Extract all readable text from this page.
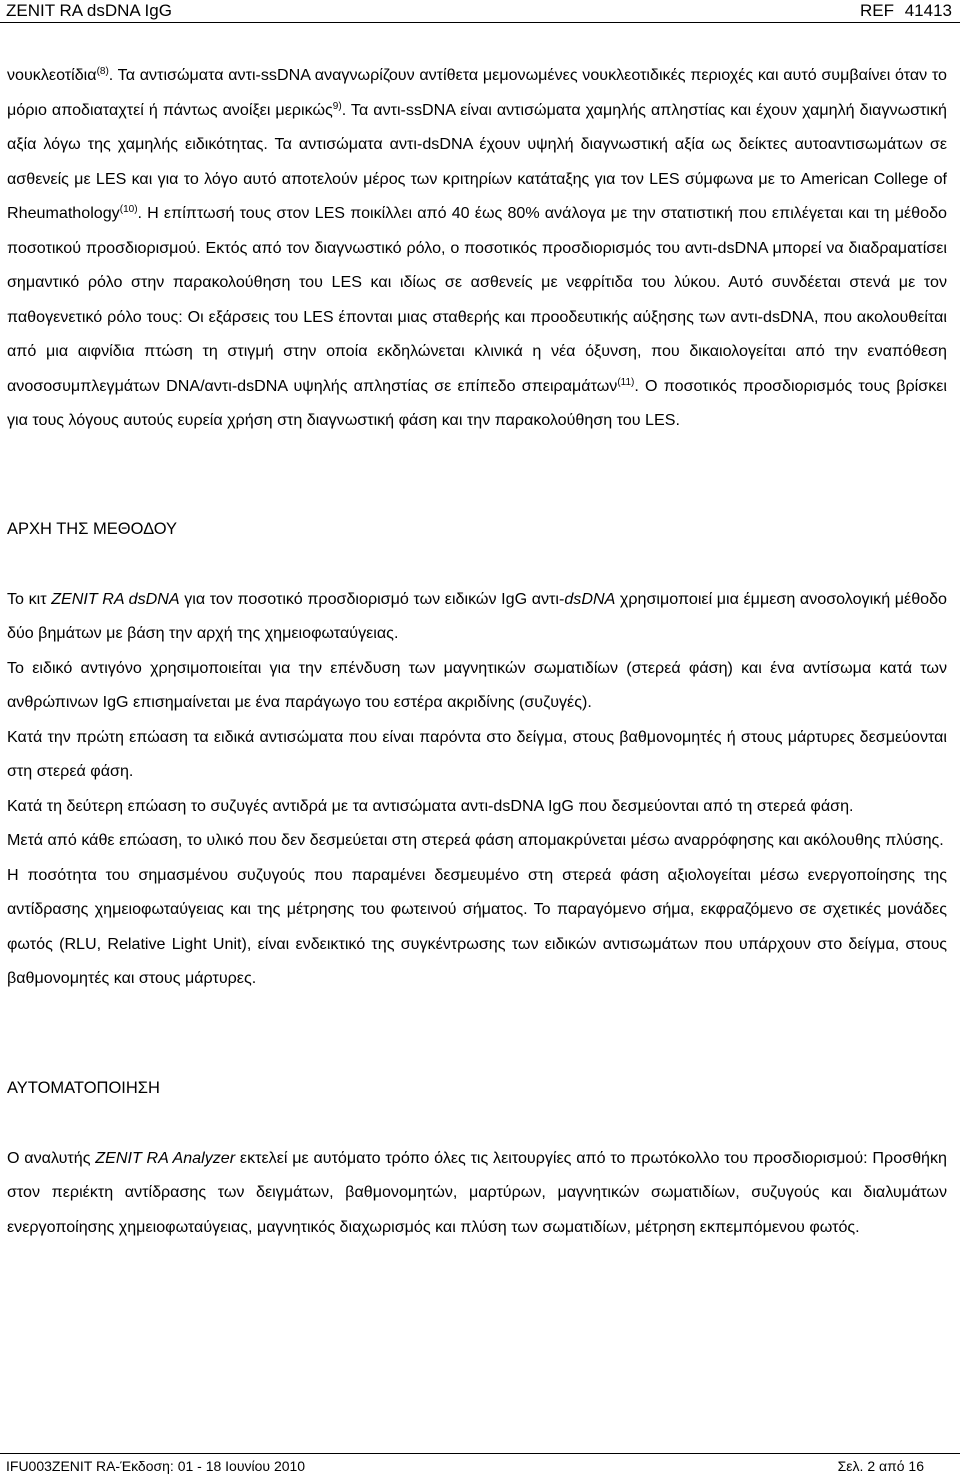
ZENIT RA dsDNA IgG	REF 41413

νουκλεοτίδια$^{(8)}$. Τα αντισώματα αντι-ssDNA αναγνωρίζουν αντίθετα μεμονωμένες νουκλεοτιδικές περιοχές και αυτό συμβαίνει όταν το μόριο αποδιαταχτεί ή πάντως ανοίξει μερικώς$^{9)}$. Τα αντι-ssDNA είναι αντισώματα χαμηλής απληστίας και έχουν χαμηλή διαγνωστική αξία λόγω της χαμηλής ειδικότητας. Τα αντισώματα αντι-dsDNA έχουν υψηλή διαγνωστική αξία ως δείκτες αυτοαντισωμάτων σε ασθενείς με LES και για το λόγο αυτό αποτελούν μέρος των κριτηρίων κατάταξης για τον LES σύμφωνα με το American College of Rheumathology$^{(10)}$. Η επίπτωσή τους στον LES ποικίλλει από 40 έως 80% ανάλογα με την στατιστική που επιλέγεται και τη μέθοδο ποσοτικού προσδιορισμού. Εκτός από τον διαγνωστικό ρόλο, ο ποσοτικός προσδιορισμός του αντι-dsDNA μπορεί να διαδραματίσει σημαντικό ρόλο στην παρακολούθηση του LES και ιδίως σε ασθενείς με νεφρίτιδα του λύκου. Αυτό συνδέεται στενά με τον παθογενετικό ρόλο τους: Οι εξάρσεις του LES έπονται μιας σταθερής και προοδευτικής αύξησης των αντι-dsDNA, που ακολουθείται από μια αιφνίδια πτώση τη στιγμή στην οποία εκδηλώνεται κλινικά η νέα όξυνση, που δικαιολογείται από την εναπόθεση ανοσοσυμπλεγμάτων DNA/αντι-dsDNA υψηλής απληστίας σε επίπεδο σπειραμάτων$^{(11)}$. Ο ποσοτικός προσδιορισμός τους βρίσκει για τους λόγους αυτούς ευρεία χρήση στη διαγνωστική φάση και την παρακολούθηση του LES.

ΑΡΧΗ ΤΗΣ ΜΕΘΟΔΟΥ

Το κιτ ZENIT RA dsDNA για τον ποσοτικό προσδιορισμό των ειδικών IgG αντι-dsDNA χρησιμοποιεί μια έμμεση ανοσολογική μέθοδο δύο βημάτων με βάση την αρχή της χημειοφωταύγειας.

Το ειδικό αντιγόνο χρησιμοποιείται για την επένδυση των μαγνητικών σωματιδίων (στερεά φάση) και ένα αντίσωμα κατά των ανθρώπινων IgG επισημαίνεται με ένα παράγωγο του εστέρα ακριδίνης (συζυγές).

Κατά την πρώτη επώαση τα ειδικά αντισώματα που είναι παρόντα στο δείγμα, στους βαθμονομητές ή στους μάρτυρες δεσμεύονται στη στερεά φάση.

Κατά τη δεύτερη επώαση το συζυγές αντιδρά με τα αντισώματα αντι-dsDNA IgG που δεσμεύονται από τη στερεά φάση.

Μετά από κάθε επώαση, το υλικό που δεν δεσμεύεται στη στερεά φάση απομακρύνεται μέσω αναρρόφησης και ακόλουθης πλύσης.

Η ποσότητα του σημασμένου συζυγούς που παραμένει δεσμευμένο στη στερεά φάση αξιολογείται μέσω ενεργοποίησης της αντίδρασης χημειοφωταύγειας και της μέτρησης του φωτεινού σήματος. Το παραγόμενο σήμα, εκφραζόμενο σε σχετικές μονάδες φωτός (RLU, Relative Light Unit), είναι ενδεικτικό της συγκέντρωσης των ειδικών αντισωμάτων που υπάρχουν στο δείγμα, στους βαθμονομητές και στους μάρτυρες.

ΑΥΤΟΜΑΤΟΠΟΙΗΣΗ

Ο αναλυτής ZENIT RA Analyzer εκτελεί με αυτόματο τρόπο όλες τις λειτουργίες από το πρωτόκολλο του προσδιορισμού: Προσθήκη στον περιέκτη αντίδρασης των δειγμάτων, βαθμονομητών, μαρτύρων, μαγνητικών σωματιδίων, συζυγούς και διαλυμάτων ενεργοποίησης χημειοφωταύγειας, μαγνητικός διαχωρισμός και πλύση των σωματιδίων, μέτρηση εκπεμπόμενου φωτός.

IFU003ZENIT RA-Έκδοση: 01 - 18 Ιουνίου 2010	Σελ. 2 από 16
